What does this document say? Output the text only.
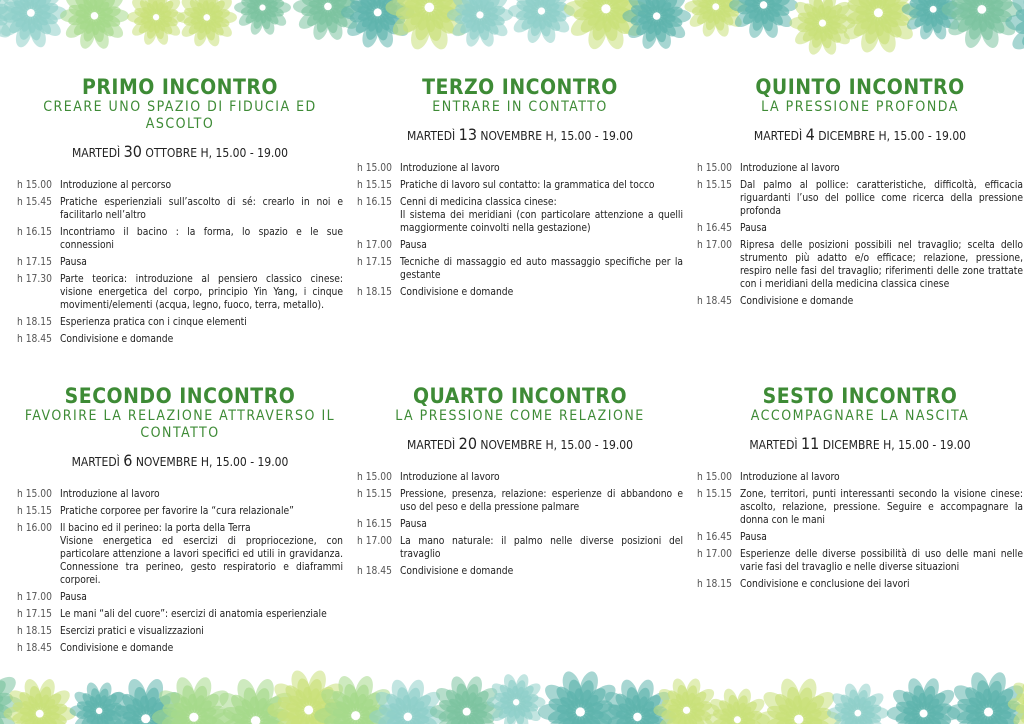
PRIMO INCONTRO
CREARE UNO SPAZIO DI FIDUCIA ED ASCOLTO
MARTEDÌ 30 OTTOBRE H, 15.00 - 19.00
h 15.00 Introduzione al percorso
h 15.45 Pratiche esperienziali sull’ascolto di sé: crearlo in noi e facilitarlo nell’altro
h 16.15 Incontriamo il bacino : la forma, lo spazio e le sue connessioni
h 17.15 Pausa
h 17.30 Parte teorica: introduzione al pensiero classico cinese: visione energetica del corpo, principio Yin Yang, i cinque movimenti/elementi (acqua, legno, fuoco, terra, metallo).
h 18.15 Esperienza pratica con i cinque elementi
h 18.45 Condivisione e domande
TERZO INCONTRO
ENTRARE IN CONTATTO
MARTEDÌ 13 NOVEMBRE H, 15.00 - 19.00
h 15.00 Introduzione al lavoro
h 15.15 Pratiche di lavoro sul contatto: la grammatica del tocco
h 16.15 Cenni di medicina classica cinese:
Il sistema dei meridiani (con particolare attenzione a quelli maggiormente coinvolti nella gestazione)
h 17.00 Pausa
h 17.15 Tecniche di massaggio ed auto massaggio specifiche per la gestante
h 18.15 Condivisione e domande
QUINTO INCONTRO
LA PRESSIONE PROFONDA
MARTEDÌ 4 DICEMBRE H, 15.00 - 19.00
h 15.00 Introduzione al lavoro
h 15.15 Dal palmo al pollice: caratteristiche, difficoltà, efficacia riguardanti l’uso del pollice come ricerca della pressione profonda
h 16.45 Pausa
h 17.00 Ripresa delle posizioni possibili nel travaglio; scelta dello strumento più adatto e/o efficace; relazione, pressione, respiro nelle fasi del travaglio; riferimenti delle zone trattate con i meridiani della medicina classica cinese
h 18.45 Condivisione e domande
SECONDO INCONTRO
FAVORIRE LA RELAZIONE ATTRAVERSO IL CONTATTO
MARTEDÌ 6 NOVEMBRE H, 15.00 - 19.00
h 15.00 Introduzione al lavoro
h 15.15 Pratiche corporee per favorire la “cura relazionale”
h 16.00 Il bacino ed il perineo: la porta della Terra
Visione energetica ed esercizi di propriocezione, con particolare attenzione a lavori specifici ed utili in gravidanza. Connessione tra perineo, gesto respiratorio e diaframmi corporei.
h 17.00 Pausa
h 17.15 Le mani “ali del cuore”: esercizi di anatomia esperienziale
h 18.15 Esercizi pratici e visualizzazioni
h 18.45 Condivisione e domande
QUARTO INCONTRO
LA PRESSIONE COME RELAZIONE
MARTEDÌ 20 NOVEMBRE H, 15.00 - 19.00
h 15.00 Introduzione al lavoro
h 15.15 Pressione, presenza, relazione: esperienze di abbandono e uso del peso e della pressione palmare
h 16.15 Pausa
h 17.00 La mano naturale: il palmo nelle diverse posizioni del travaglio
h 18.45 Condivisione e domande
SESTO INCONTRO
ACCOMPAGNARE LA NASCITA
MARTEDÌ 11 DICEMBRE H, 15.00 - 19.00
h 15.00 Introduzione al lavoro
h 15.15 Zone, territori, punti interessanti secondo la visione cinese: ascolto, relazione, pressione. Seguire e accompagnare la donna con le mani
h 16.45 Pausa
h 17.00 Esperienze delle diverse possibilità di uso delle mani nelle varie fasi del travaglio e nelle diverse situazioni
h 18.15 Condivisione e conclusione dei lavori
